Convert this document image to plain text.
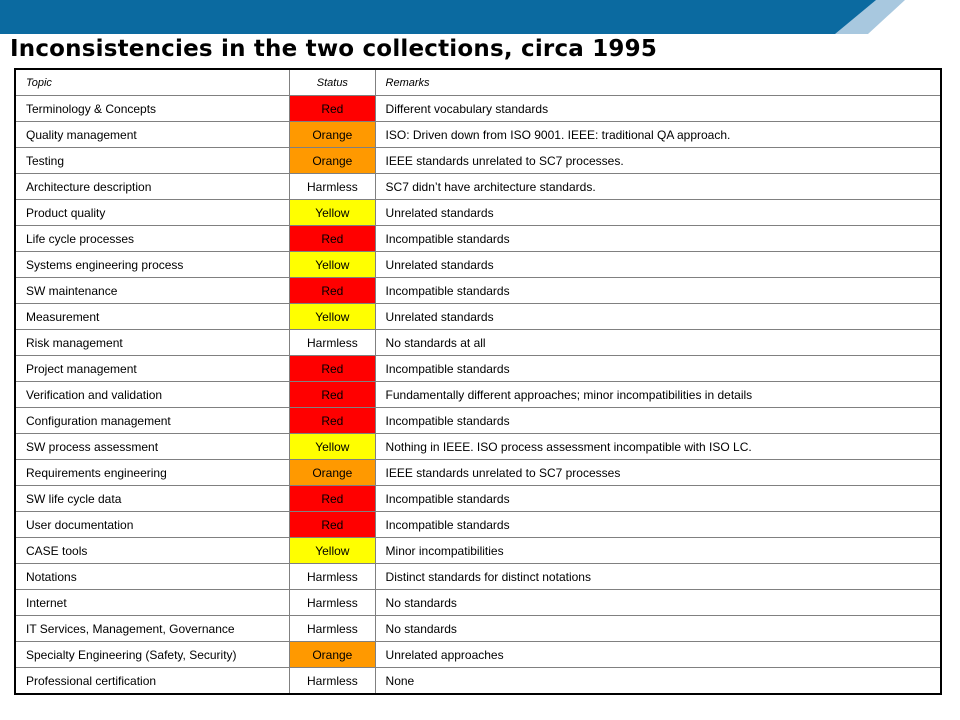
Inconsistencies in the two collections, circa 1995
Topic	Status	Remarks
Terminology & Concepts	Red	Different vocabulary standards
Quality management	Orange	ISO: Driven down from ISO 9001. IEEE: traditional QA approach.
Testing	Orange	IEEE standards unrelated to SC7 processes.
Architecture description	Harmless	SC7 didn’t have architecture standards.
Product quality	Yellow	Unrelated standards
Life cycle processes	Red	Incompatible standards
Systems engineering process	Yellow	Unrelated standards
SW maintenance	Red	Incompatible standards
Measurement	Yellow	Unrelated standards
Risk management	Harmless	No standards at all
Project management	Red	Incompatible standards
Verification and validation	Red	Fundamentally different approaches; minor incompatibilities in details
Configuration management	Red	Incompatible standards
SW process assessment	Yellow	Nothing in IEEE. ISO process assessment incompatible with ISO LC.
Requirements engineering	Orange	IEEE standards unrelated to SC7 processes
SW life cycle data	Red	Incompatible standards
User documentation	Red	Incompatible standards
CASE tools	Yellow	Minor incompatibilities
Notations	Harmless	Distinct standards for distinct notations
Internet	Harmless	No standards
IT Services, Management, Governance	Harmless	No standards
Specialty Engineering (Safety, Security)	Orange	Unrelated approaches
Professional certification	Harmless	None
